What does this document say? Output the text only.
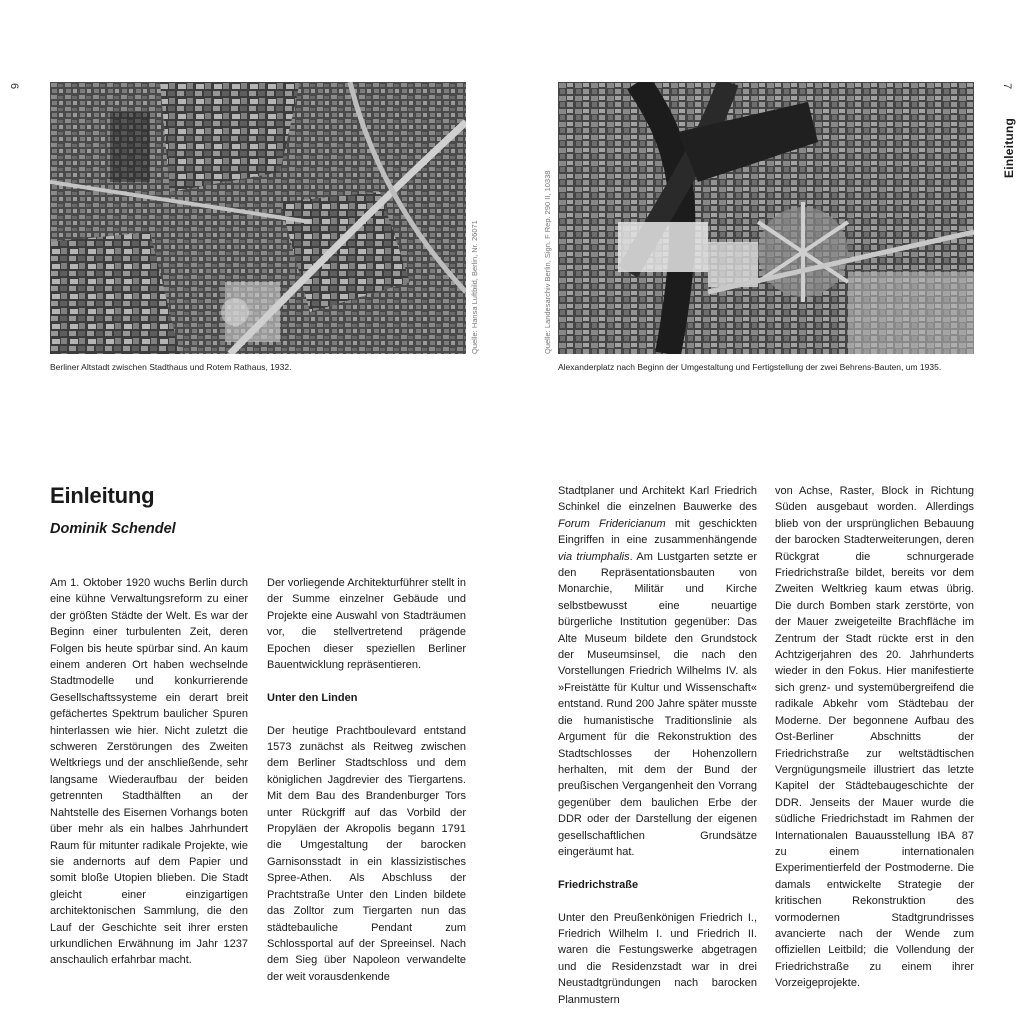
6
Quelle: Hansa Luftbild, Berlin, Nr. 26071
Berliner Altstadt zwischen Stadthaus und Rotem Rathaus, 1932.
Einleitung
Dominik Schendel

Am 1. Oktober 1920 wuchs Berlin durch eine kühne Verwaltungsreform zu einer der größten Städte der Welt. Es war der Beginn einer turbulenten Zeit, deren Folgen bis heute spürbar sind. An kaum einem anderen Ort haben wechselnde Stadtmodelle und konkurrierende Gesellschaftssysteme ein derart breit gefächertes Spektrum baulicher Spuren hinterlassen wie hier. Nicht zuletzt die schweren Zerstörungen des Zweiten Weltkriegs und der anschließende, sehr langsame Wiederaufbau der beiden getrennten Stadthälften an der Nahtstelle des Eisernen Vorhangs boten über mehr als ein halbes Jahrhundert Raum für mitunter radikale Projekte, wie sie andernorts auf dem Papier und somit bloße Utopien blieben. Die Stadt gleicht einer einzigartigen architektonischen Sammlung, die den Lauf der Geschichte seit ihrer ersten urkundlichen Erwähnung im Jahr 1237 anschaulich erfahrbar macht.

Der vorliegende Architekturführer stellt in der Summe einzelner Gebäude und Projekte eine Auswahl von Stadträumen vor, die stellvertretend prägende Epochen dieser speziellen Berliner Bauentwicklung repräsentieren.

Unter den Linden

Der heutige Prachtboulevard entstand 1573 zunächst als Reitweg zwischen dem Berliner Stadtschloss und dem königlichen Jagdrevier des Tiergartens. Mit dem Bau des Brandenburger Tors unter Rückgriff auf das Vorbild der Propyläen der Akropolis begann 1791 die Umgestaltung der barocken Garnisonsstadt in ein klassizistisches Spree-Athen. Als Abschluss der Prachtstraße Unter den Linden bildete das Zolltor zum Tiergarten nun das städtebauliche Pendant zum Schlossportal auf der Spreeinsel. Nach dem Sieg über Napoleon verwandelte der weit vorausdenkende

Quelle: Landesarchiv Berlin, Sign. F Rep. 290 II, 10338
7
Einleitung
Alexanderplatz nach Beginn der Umgestaltung und Fertigstellung der zwei Behrens-Bauten, um 1935.

Stadtplaner und Architekt Karl Friedrich Schinkel die einzelnen Bauwerke des Forum Fridericianum mit geschickten Eingriffen in eine zusammenhängende via triumphalis. Am Lustgarten setzte er den Repräsentationsbauten von Monarchie, Militär und Kirche selbstbewusst eine neuartige bürgerliche Institution gegenüber: Das Alte Museum bildete den Grundstock der Museumsinsel, die nach den Vorstellungen Friedrich Wilhelms IV. als »Freistätte für Kultur und Wissenschaft« entstand. Rund 200 Jahre später musste die humanistische Traditionslinie als Argument für die Rekonstruktion des Stadtschlosses der Hohenzollern herhalten, mit dem der Bund der preußischen Vergangenheit den Vorrang gegenüber dem baulichen Erbe der DDR oder der Darstellung der eigenen gesellschaftlichen Grundsätze eingeräumt hat.

Friedrichstraße

Unter den Preußenkönigen Friedrich I., Friedrich Wilhelm I. und Friedrich II. waren die Festungswerke abgetragen und die Residenzstadt war in drei Neustadtgründungen nach barocken Planmustern

von Achse, Raster, Block in Richtung Süden ausgebaut worden. Allerdings blieb von der ursprünglichen Bebauung der barocken Stadterweiterungen, deren Rückgrat die schnurgerade Friedrichstraße bildet, bereits vor dem Zweiten Weltkrieg kaum etwas übrig. Die durch Bomben stark zerstörte, von der Mauer zweigeteilte Brachfläche im Zentrum der Stadt rückte erst in den Achtzigerjahren des 20. Jahrhunderts wieder in den Fokus. Hier manifestierte sich grenz- und systemübergreifend die radikale Abkehr vom Städtebau der Moderne. Der begonnene Aufbau des Ost-Berliner Abschnitts der Friedrichstraße zur weltstädtischen Vergnügungsmeile illustriert das letzte Kapitel der Städtebaugeschichte der DDR. Jenseits der Mauer wurde die südliche Friedrichstadt im Rahmen der Internationalen Bauausstellung IBA 87 zu einem internationalen Experimentierfeld der Postmoderne. Die damals entwickelte Strategie der kritischen Rekonstruktion des vormodernen Stadtgrundrisses avancierte nach der Wende zum offiziellen Leitbild; die Vollendung der Friedrichstraße zu einem ihrer Vorzeigeprojekte.
